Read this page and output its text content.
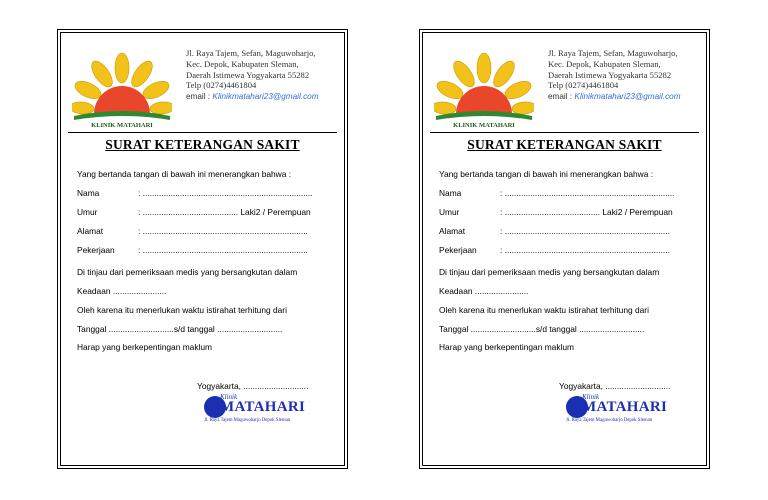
KLINIK MATAHARI
Jl. Raya Tajem, Sefan, Maguwoharjo,
Kec. Depok, Kabupaten Sleman,
Daerah Istimewa Yogyakarta 55282
Telp (0274)4461804
email : Klinikmatahari23@gmail.com
SURAT KETERANGAN SAKIT
Yang bertanda tangan di bawah ini menerangkan bahwa :
Nama	: .........................................................................
Umur	: ......................................... Laki2 / Perempuan
Alamat	: .......................................................................
Pekerjaan	: .......................................................................
Di tinjau dari pemeriksaan medis yang bersangkutan dalam
Keadaan .......................
Oleh karena itu menerlukan waktu istirahat terhitung dari
Tanggal ............................s/d tanggal ............................
Harap yang berkepentingan maklum
Yogyakarta, ............................
Klinik
MATAHARI
Jl. Raya Tajem Maguwoharjo Depok Sleman
KLINIK MATAHARI
Jl. Raya Tajem, Sefan, Maguwoharjo,
Kec. Depok, Kabupaten Sleman,
Daerah Istimewa Yogyakarta 55282
Telp (0274)4461804
email : Klinikmatahari23@gmail.com
SURAT KETERANGAN SAKIT
Yang bertanda tangan di bawah ini menerangkan bahwa :
Nama	: .........................................................................
Umur	: ......................................... Laki2 / Perempuan
Alamat	: .......................................................................
Pekerjaan	: .......................................................................
Di tinjau dari pemeriksaan medis yang bersangkutan dalam
Keadaan .......................
Oleh karena itu menerlukan waktu istirahat terhitung dari
Tanggal ............................s/d tanggal ............................
Harap yang berkepentingan maklum
Yogyakarta, ............................
Klinik
MATAHARI
Jl. Raya Tajem Maguwoharjo Depok Sleman
